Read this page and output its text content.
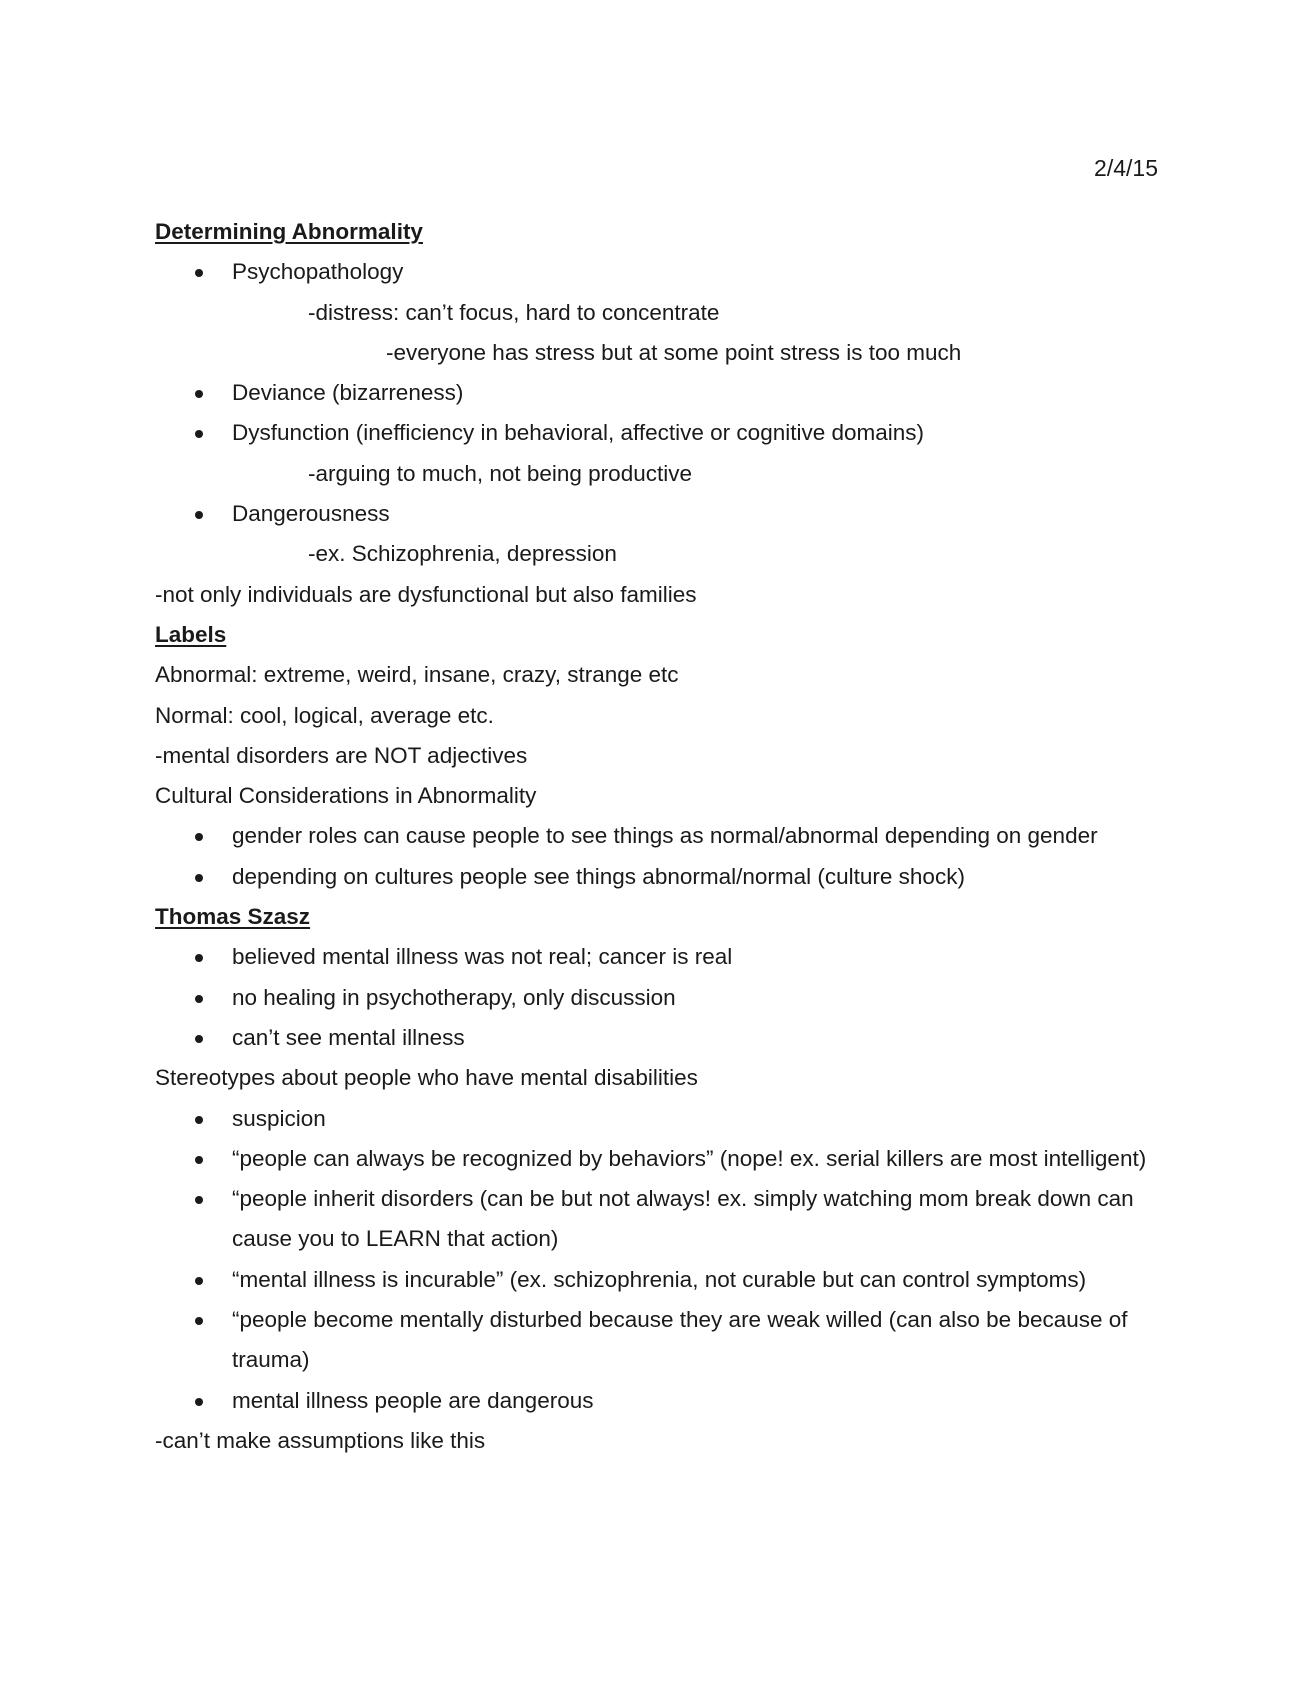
2/4/15
Determining Abnormality
Psychopathology
-distress: can’t focus, hard to concentrate
-everyone has stress but at some point stress is too much
Deviance (bizarreness)
Dysfunction (inefficiency in behavioral, affective or cognitive domains)
-arguing to much, not being productive
Dangerousness
-ex. Schizophrenia, depression
-not only individuals are dysfunctional but also families
Labels
Abnormal: extreme, weird, insane, crazy, strange etc
Normal: cool, logical, average etc.
-mental disorders are NOT adjectives
Cultural Considerations in Abnormality
gender roles can cause people to see things as normal/abnormal depending on gender
depending on cultures people see things abnormal/normal (culture shock)
Thomas Szasz
believed mental illness was not real; cancer is real
no healing in psychotherapy, only discussion
can’t see mental illness
Stereotypes about people who have mental disabilities
suspicion
“people can always be recognized by behaviors” (nope! ex. serial killers are most intelligent)
“people inherit disorders (can be but not always! ex. simply watching mom break down can cause you to LEARN that action)
“mental illness is incurable” (ex. schizophrenia, not curable but can control symptoms)
“people become mentally disturbed because they are weak willed (can also be because of trauma)
mental illness people are dangerous
-can’t make assumptions like this
